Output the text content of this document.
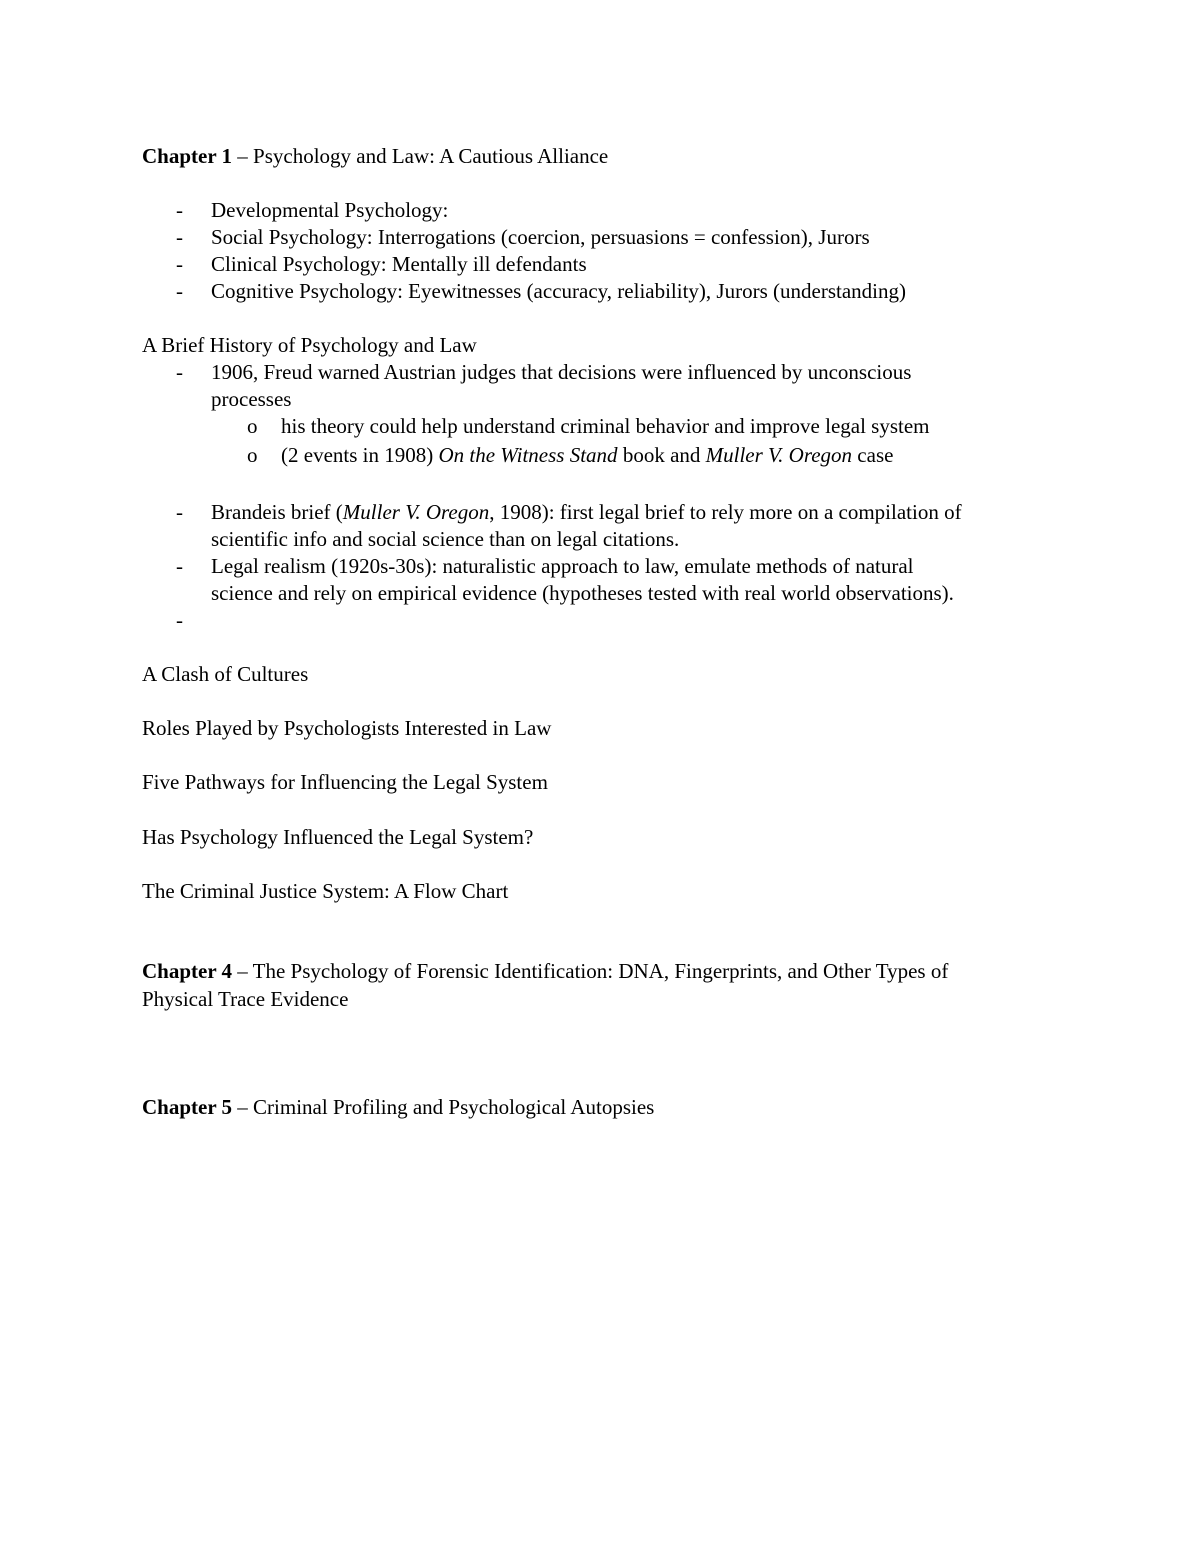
Chapter 1 – Psychology and Law: A Cautious Alliance
- Developmental Psychology:
- Social Psychology: Interrogations (coercion, persuasions = confession), Jurors
- Clinical Psychology: Mentally ill defendants
- Cognitive Psychology: Eyewitnesses (accuracy, reliability), Jurors (understanding)
A Brief History of Psychology and Law
- 1906, Freud warned Austrian judges that decisions were influenced by unconscious
processes
o his theory could help understand criminal behavior and improve legal system
o (2 events in 1908) On the Witness Stand book and Muller V. Oregon case
- Brandeis brief (Muller V. Oregon, 1908): first legal brief to rely more on a compilation of
scientific info and social science than on legal citations.
- Legal realism (1920s-30s): naturalistic approach to law, emulate methods of natural
science and rely on empirical evidence (hypotheses tested with real world observations).
-
A Clash of Cultures
Roles Played by Psychologists Interested in Law
Five Pathways for Influencing the Legal System
Has Psychology Influenced the Legal System?
The Criminal Justice System: A Flow Chart
Chapter 4 – The Psychology of Forensic Identification: DNA, Fingerprints, and Other Types of
Physical Trace Evidence
Chapter 5 – Criminal Profiling and Psychological Autopsies
